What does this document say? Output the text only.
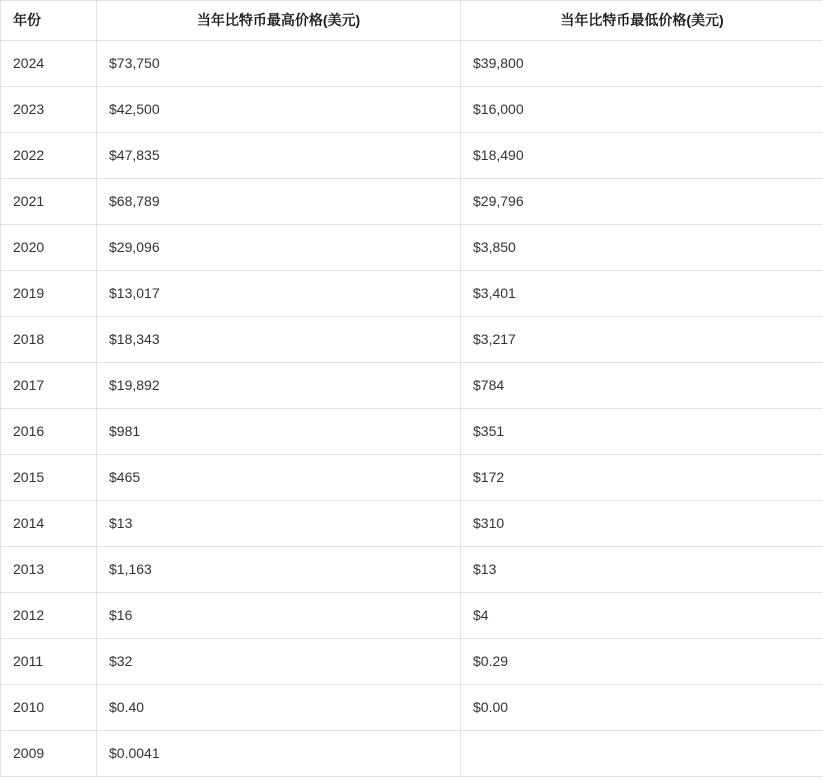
年份	当年比特币最高价格(美元)	当年比特币最低价格(美元)
2024	$73,750	$39,800
2023	$42,500	$16,000
2022	$47,835	$18,490
2021	$68,789	$29,796
2020	$29,096	$3,850
2019	$13,017	$3,401
2018	$18,343	$3,217
2017	$19,892	$784
2016	$981	$351
2015	$465	$172
2014	$13	$310
2013	$1,163	$13
2012	$16	$4
2011	$32	$0.29
2010	$0.40	$0.00
2009	$0.0041	
